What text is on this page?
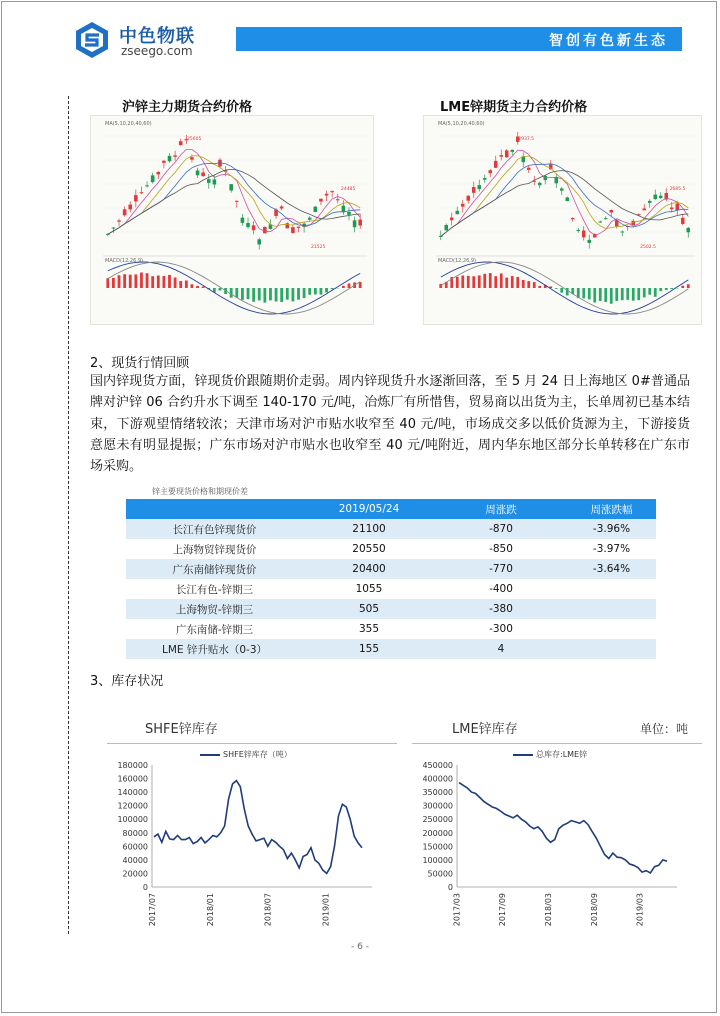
中色物联
zseego.com
智创有色新生态
沪锌主力期货合约价格	LME锌期货主力合约价格
MA(5,10,20,40,60)
25605
24485
21525
MACD(12,26,9)
MA(5,10,20,40,60)
2937.5
2685.5
2502.5
MACD(12,26,9)
2、现货行情回顾
国内锌现货方面，锌现货价跟随期价走弱。周内锌现货升水逐渐回落，至 5 月 24 日上海地区 0#普通品牌对沪锌 06 合约升水下调至 140-170 元/吨，冶炼厂有所惜售，贸易商以出货为主，长单周初已基本结束，下游观望情绪较浓；天津市场对沪市贴水收窄至 40 元/吨，市场成交多以低价货源为主，下游接货意愿未有明显提振；广东市场对沪市贴水也收窄至 40 元/吨附近，周内华东地区部分长单转移在广东市场采购。
锌主要现货价格和期现价差
	2019/05/24	周涨跌	周涨跌幅
长江有色锌现货价	21100	-870	-3.96%
上海物贸锌现货价	20550	-850	-3.97%
广东南储锌现货价	20400	-770	-3.64%
长江有色-锌期三	1055	-400	
上海物贸-锌期三	505	-380	
广东南储-锌期三	355	-300	
LME 锌升贴水（0-3）	155	4	
3、库存状况
SHFE锌库存	LME锌库存	单位：吨
SHFE锌库存（吨）	总库存:LME锌
0
20000
40000
60000
80000
100000
120000
140000
160000
180000
2017/07	2018/01	2018/07	2019/01
0
50000
100000
150000
200000
250000
300000
350000
400000
450000
2017/03	2017/09	2018/03	2018/09	2019/03
- 6 -
